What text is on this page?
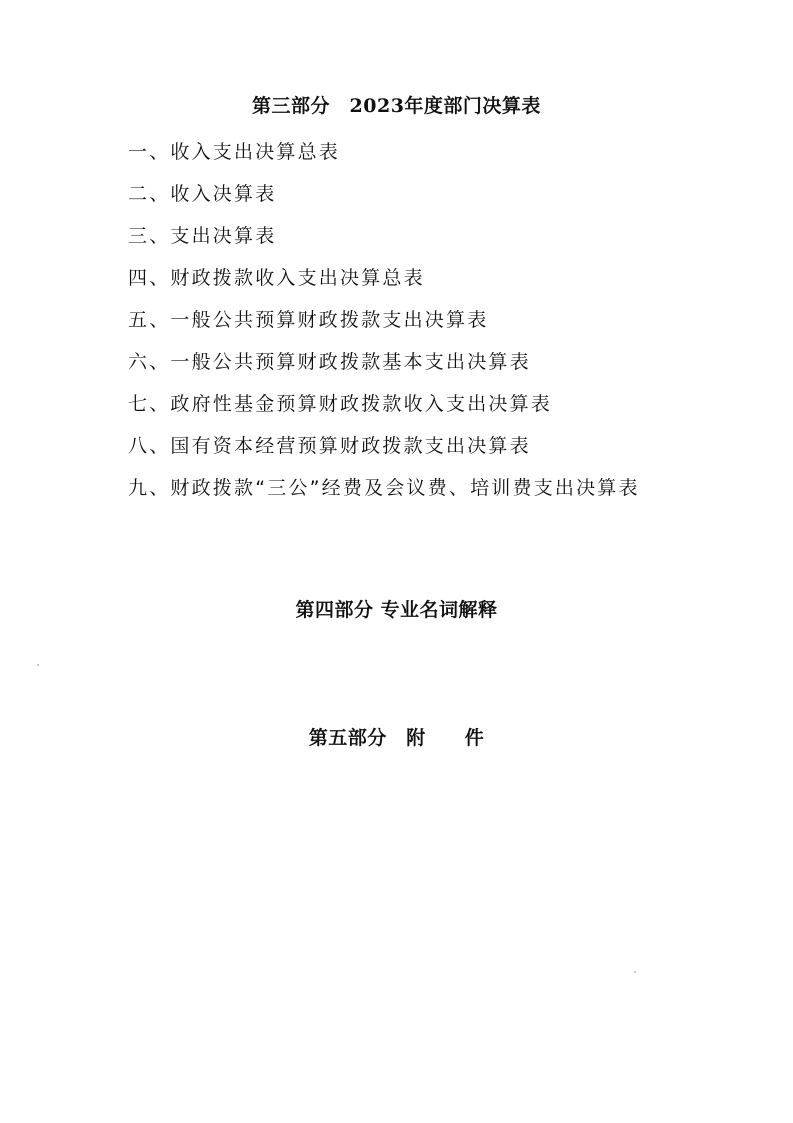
第三部分　2023年度部门决算表
一、收入支出决算总表
二、收入决算表
三、支出决算表
四、财政拨款收入支出决算总表
五、一般公共预算财政拨款支出决算表
六、一般公共预算财政拨款基本支出决算表
七、政府性基金预算财政拨款收入支出决算表
八、国有资本经营预算财政拨款支出决算表
九、财政拨款“三公”经费及会议费、培训费支出决算表
第四部分 专业名词解释
第五部分　附　　件
